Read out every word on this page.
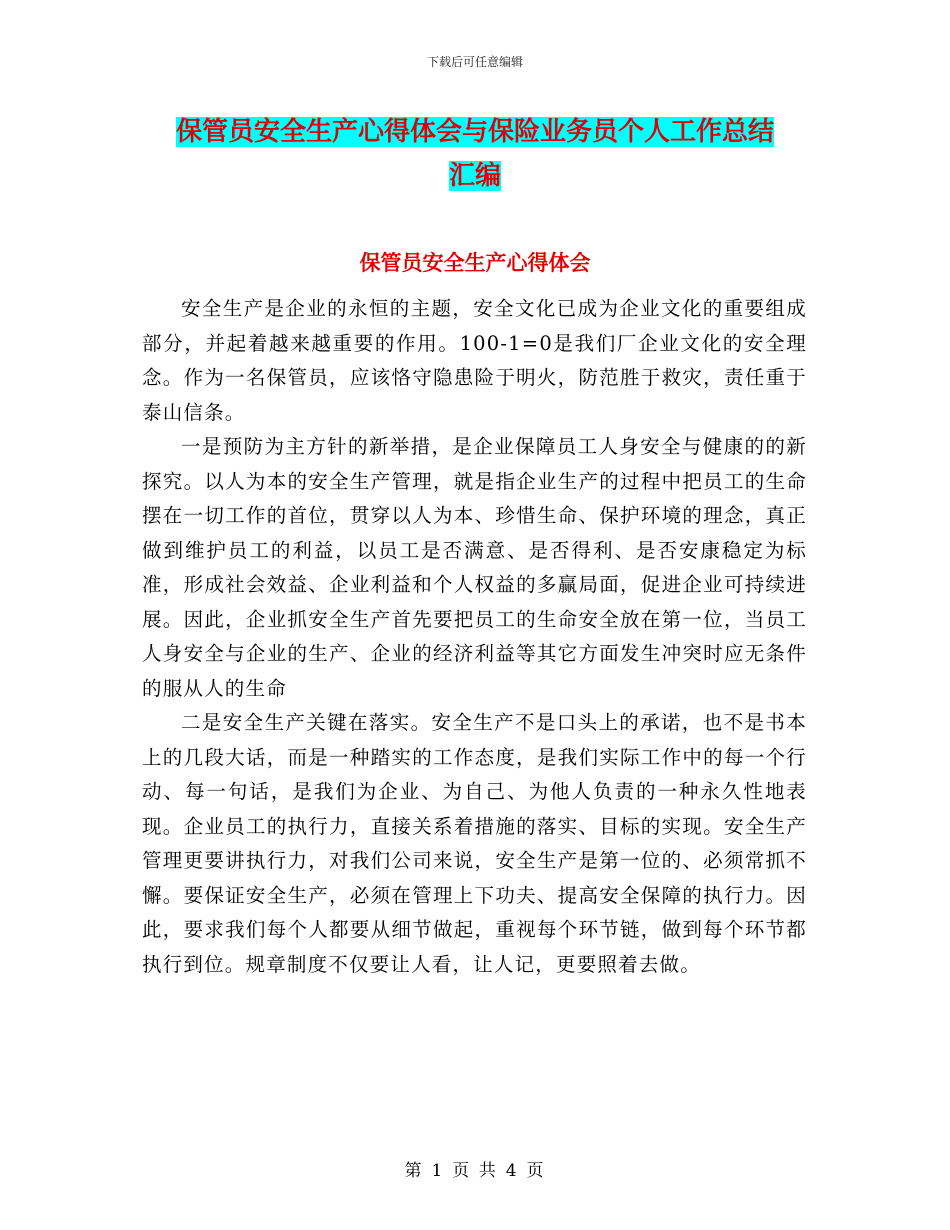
下载后可任意编辑
保管员安全生产心得体会与保险业务员个人工作总结
汇编
保管员安全生产心得体会

安全生产是企业的永恒的主题，安全文化已成为企业文化的重要组成部分，并起着越来越重要的作用。100-1=0是我们厂企业文化的安全理念。作为一名保管员，应该恪守隐患险于明火，防范胜于救灾，责任重于泰山信条。

一是预防为主方针的新举措，是企业保障员工人身安全与健康的的新探究。以人为本的安全生产管理，就是指企业生产的过程中把员工的生命摆在一切工作的首位，贯穿以人为本、珍惜生命、保护环境的理念，真正做到维护员工的利益，以员工是否满意、是否得利、是否安康稳定为标准，形成社会效益、企业利益和个人权益的多赢局面，促进企业可持续进展。因此，企业抓安全生产首先要把员工的生命安全放在第一位，当员工人身安全与企业的生产、企业的经济利益等其它方面发生冲突时应无条件的服从人的生命

二是安全生产关键在落实。安全生产不是口头上的承诺，也不是书本上的几段大话，而是一种踏实的工作态度，是我们实际工作中的每一个行动、每一句话，是我们为企业、为自己、为他人负责的一种永久性地表现。企业员工的执行力，直接关系着措施的落实、目标的实现。安全生产管理更要讲执行力，对我们公司来说，安全生产是第一位的、必须常抓不懈。要保证安全生产，必须在管理上下功夫、提高安全保障的执行力。因此，要求我们每个人都要从细节做起，重视每个环节链，做到每个环节都执行到位。规章制度不仅要让人看，让人记，更要照着去做。

第 1 页 共 4 页
